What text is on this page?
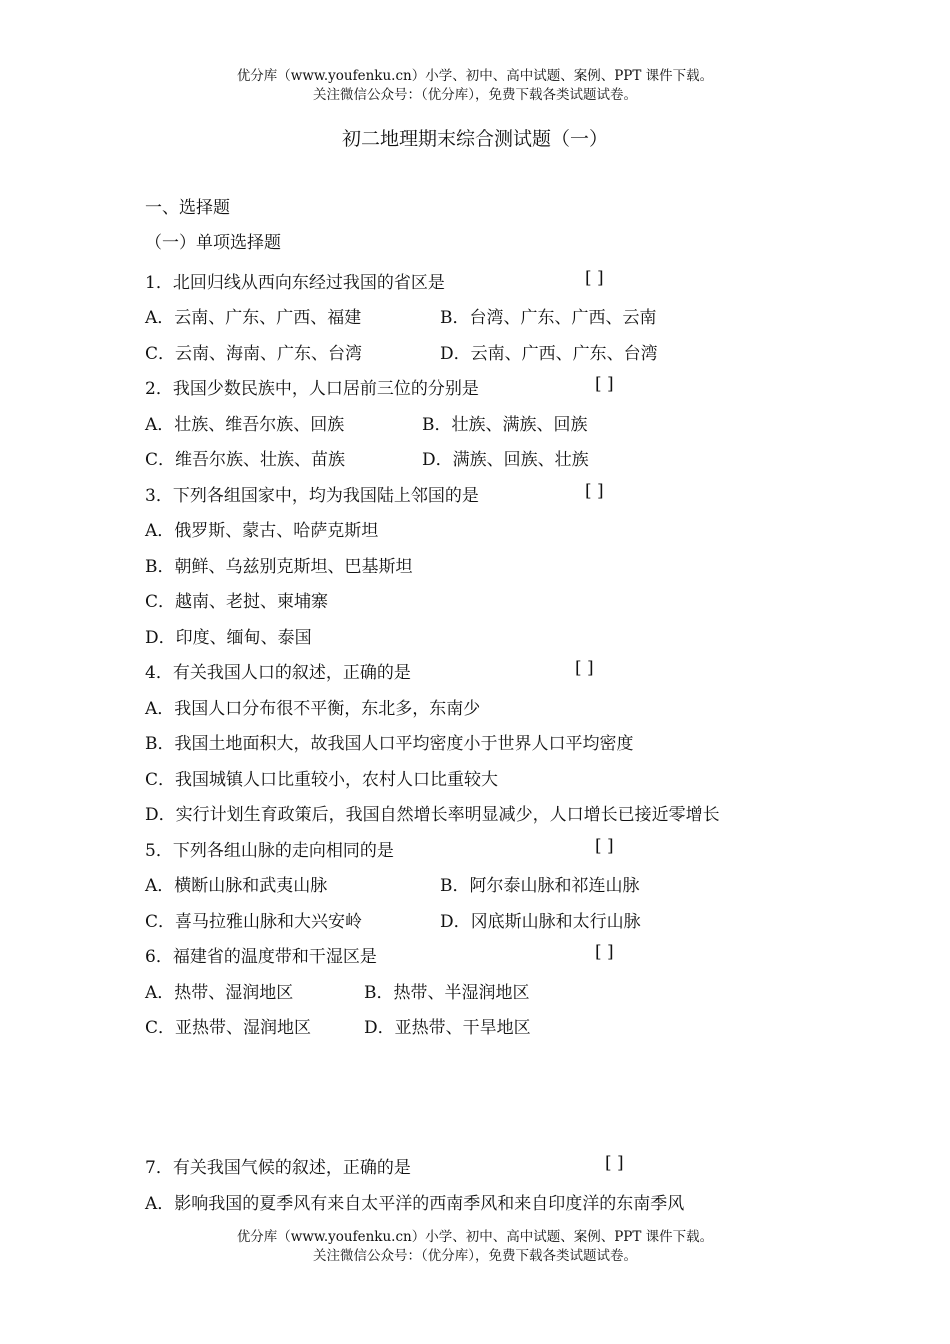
优分库（www.youfenku.cn）小学、初中、高中试题、案例、PPT 课件下载。
关注微信公众号：（优分库），免费下载各类试题试卷。
初二地理期末综合测试题（一）
一、选择题
（一）单项选择题
1．北回归线从西向东经过我国的省区是	[ ]
A．云南、广东、广西、福建	B．台湾、广东、广西、云南
C．云南、海南、广东、台湾	D．云南、广西、广东、台湾
2．我国少数民族中，人口居前三位的分别是	[ ]
A．壮族、维吾尔族、回族	B．壮族、满族、回族
C．维吾尔族、壮族、苗族	D．满族、回族、壮族
3．下列各组国家中，均为我国陆上邻国的是	[ ]
A．俄罗斯、蒙古、哈萨克斯坦
B．朝鲜、乌兹别克斯坦、巴基斯坦
C．越南、老挝、柬埔寨
D．印度、缅甸、泰国
4．有关我国人口的叙述，正确的是	[ ]
A．我国人口分布很不平衡，东北多，东南少
B．我国土地面积大，故我国人口平均密度小于世界人口平均密度
C．我国城镇人口比重较小，农村人口比重较大
D．实行计划生育政策后，我国自然增长率明显减少，人口增长已接近零增长
5．下列各组山脉的走向相同的是	[ ]
A．横断山脉和武夷山脉	B．阿尔泰山脉和祁连山脉
C．喜马拉雅山脉和大兴安岭	D．冈底斯山脉和太行山脉
6．福建省的温度带和干湿区是	[ ]
A．热带、湿润地区	B．热带、半湿润地区
C．亚热带、湿润地区	D．亚热带、干旱地区
7．有关我国气候的叙述，正确的是	[ ]
A．影响我国的夏季风有来自太平洋的西南季风和来自印度洋的东南季风
优分库（www.youfenku.cn）小学、初中、高中试题、案例、PPT 课件下载。
关注微信公众号：（优分库），免费下载各类试题试卷。
